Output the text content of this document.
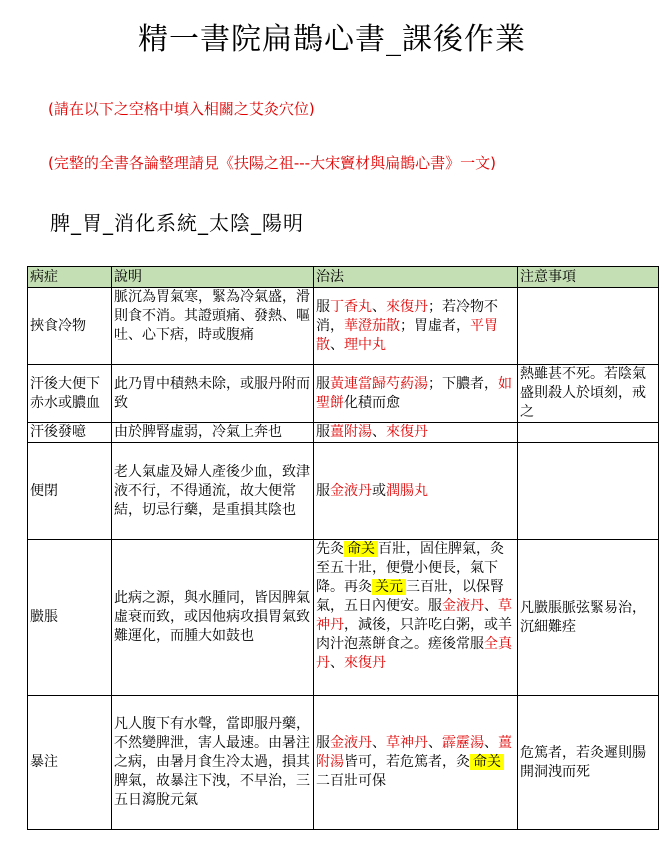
精一書院扁鵲心書_課後作業
(請在以下之空格中填入相關之艾灸穴位)
(完整的全書各論整理請見《扶陽之祖---大宋竇材與扁鵲心書》一文)
脾_胃_消化系統_太陰_陽明
病症	說明	治法	注意事項
挾食冷物	脈沉為胃氣寒，緊為冷氣盛，滑則食不消。其證頭痛、發熱、嘔吐、心下痞，時或腹痛	服丁香丸、來復丹；若冷物不消，華澄茄散；胃虛者，平胃散、理中丸	
汗後大便下赤水或膿血	此乃胃中積熱未除，或服丹附而致	服黃連當歸芍葯湯；下膿者，如聖餅化積而愈	熱雖甚不死。若陰氣盛則殺人於頃刻，戒之
汗後發噫	由於脾腎虛弱，冷氣上奔也	服薑附湯、來復丹	
便閉	老人氣虛及婦人產後少血，致津液不行，不得通流，故大便常結，切忌行藥，是重損其陰也	服金液丹或潤腸丸	
臌脹	此病之源，與水腫同，皆因脾氣虛衰而致，或因他病攻損胃氣致難運化，而腫大如鼓也	先灸 命关 百壯，固住脾氣，灸至五十壯，便覺小便長，氣下降。再灸 关元 三百壯，以保腎氣，五日內便安。服金液丹、草神丹，減後，只許吃白粥，或羊肉汁泡蒸餅食之。瘥後常服全真丹、來復丹	凡臌脹脈弦緊易治，沉細難痊
暴注	凡人腹下有水聲，當即服丹藥，不然變脾泄，害人最速。由暑注之病，由暑月食生冷太過，損其脾氣，故暴注下洩，不早治，三五日瀉脫元氣	服金液丹、草神丹、霹靂湯、薑附湯皆可，若危篤者，灸 命关二百壯可保	危篤者，若灸遲則腸開洞洩而死
